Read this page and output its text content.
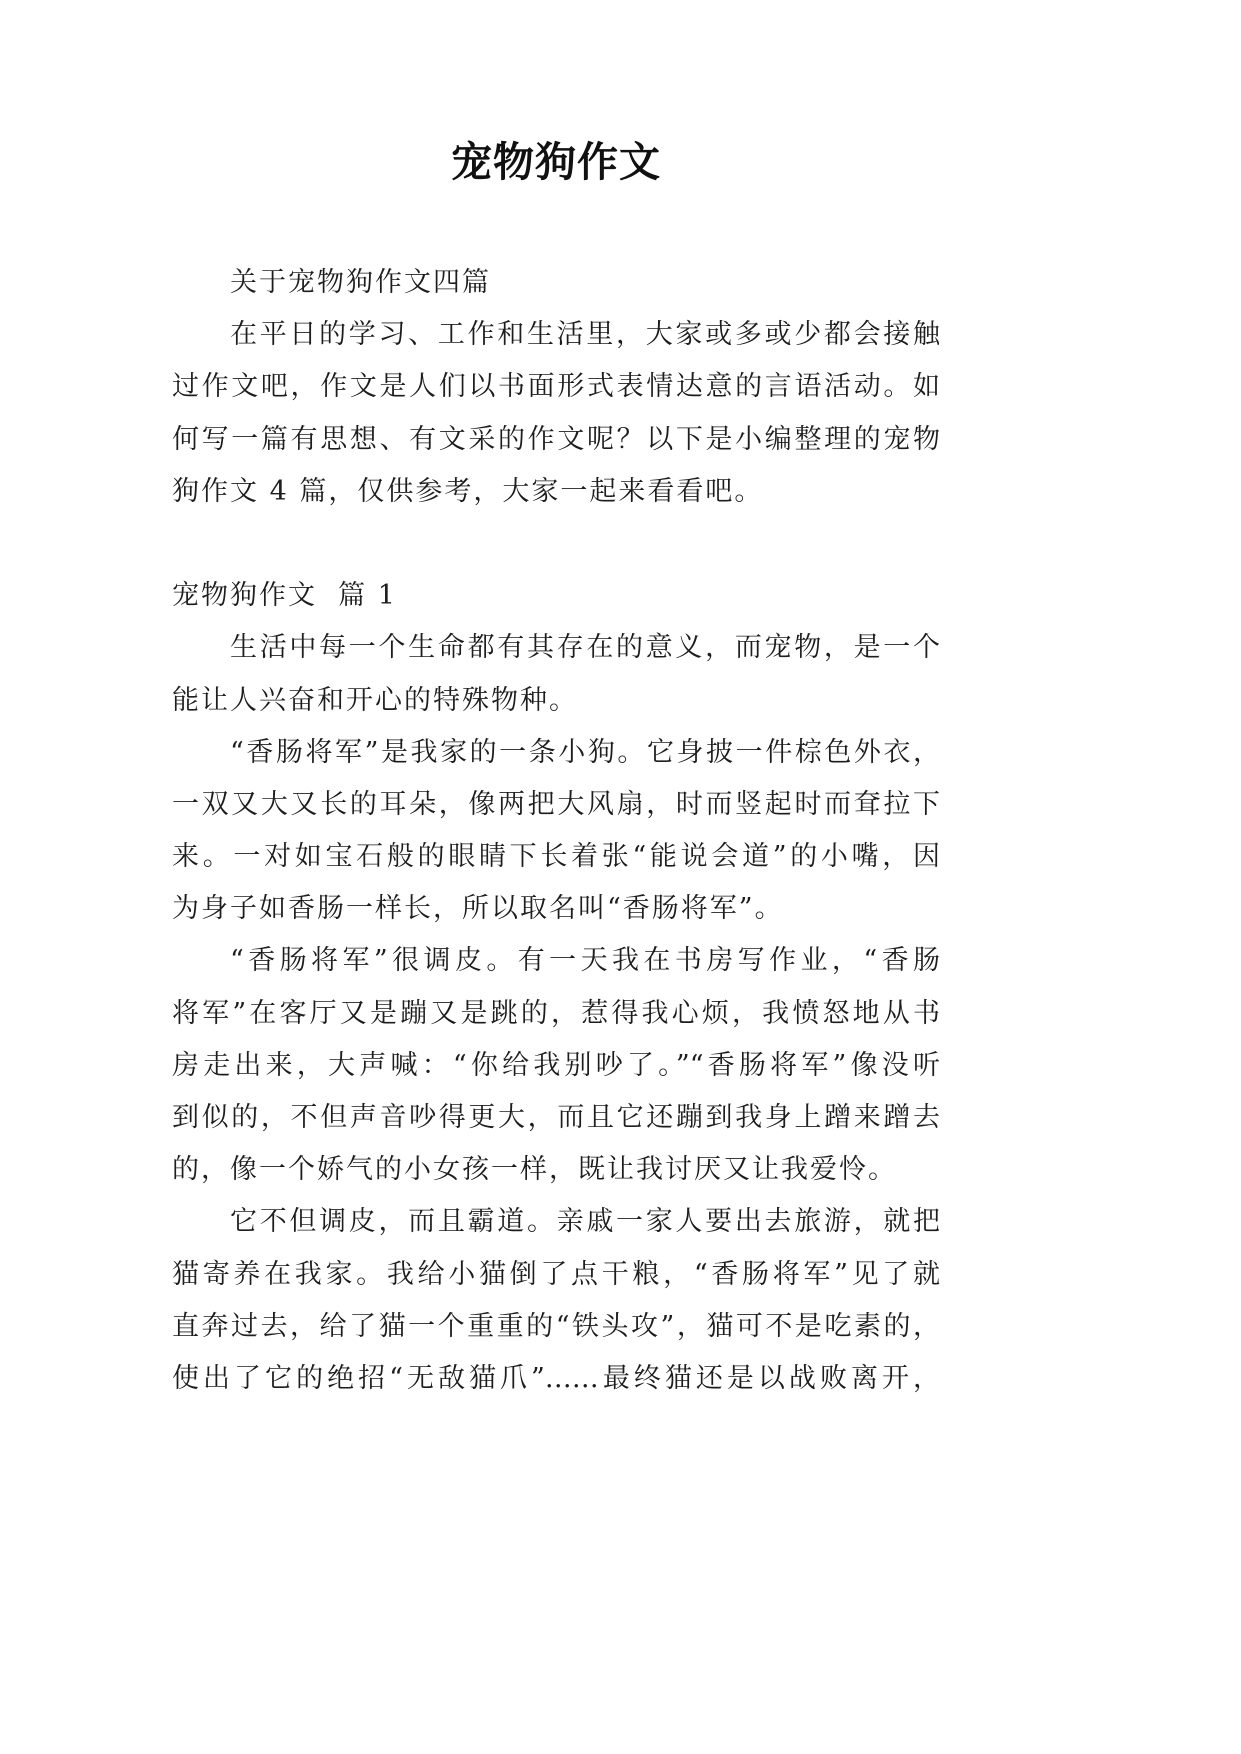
宠物狗作文
关于宠物狗作文四篇
在平日的学习、工作和生活里，大家或多或少都会接触
过作文吧，作文是人们以书面形式表情达意的言语活动。如
何写一篇有思想、有文采的作文呢？以下是小编整理的宠物
狗作文 4 篇，仅供参考，大家一起来看看吧。
宠物狗作文  篇 1
生活中每一个生命都有其存在的意义，而宠物，是一个
能让人兴奋和开心的特殊物种。
“香肠将军”是我家的一条小狗。它身披一件棕色外衣，
一双又大又长的耳朵，像两把大风扇，时而竖起时而耷拉下
来。一对如宝石般的眼睛下长着张“能说会道”的小嘴，因
为身子如香肠一样长，所以取名叫“香肠将军”。
“香肠将军”很调皮。有一天我在书房写作业，“香肠
将军”在客厅又是蹦又是跳的，惹得我心烦，我愤怒地从书
房走出来，大声喊：“你给我别吵了。”“香肠将军”像没听
到似的，不但声音吵得更大，而且它还蹦到我身上蹭来蹭去
的，像一个娇气的小女孩一样，既让我讨厌又让我爱怜。
它不但调皮，而且霸道。亲戚一家人要出去旅游，就把
猫寄养在我家。我给小猫倒了点干粮，“香肠将军”见了就
直奔过去，给了猫一个重重的“铁头攻”，猫可不是吃素的，
使出了它的绝招“无敌猫爪”……最终猫还是以战败离开，
